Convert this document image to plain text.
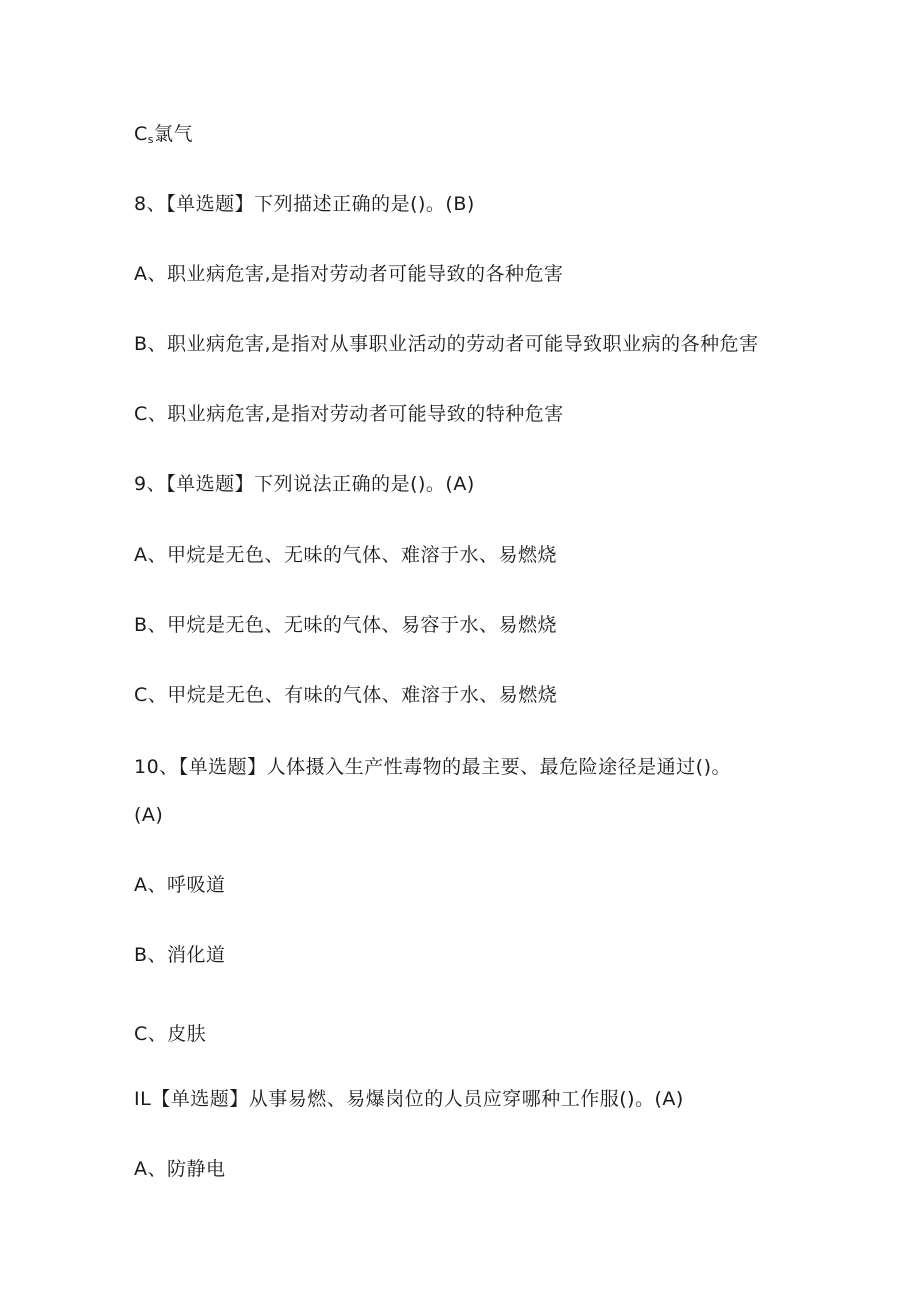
$C_s$氯气
8、【单选题】下列描述正确的是()。(B)
A、职业病危害,是指对劳动者可能导致的各种危害
B、职业病危害,是指对从事职业活动的劳动者可能导致职业病的各种危害
C、职业病危害,是指对劳动者可能导致的特种危害
9、【单选题】下列说法正确的是()。(A)
A、甲烷是无色、无味的气体、难溶于水、易燃烧
B、甲烷是无色、无味的气体、易容于水、易燃烧
C、甲烷是无色、有味的气体、难溶于水、易燃烧
10、【单选题】人体摄入生产性毒物的最主要、最危险途径是通过()。
(A)
A、呼吸道
B、消化道
C、皮肤
IL【单选题】从事易燃、易爆岗位的人员应穿哪种工作服()。(A)
A、防静电
